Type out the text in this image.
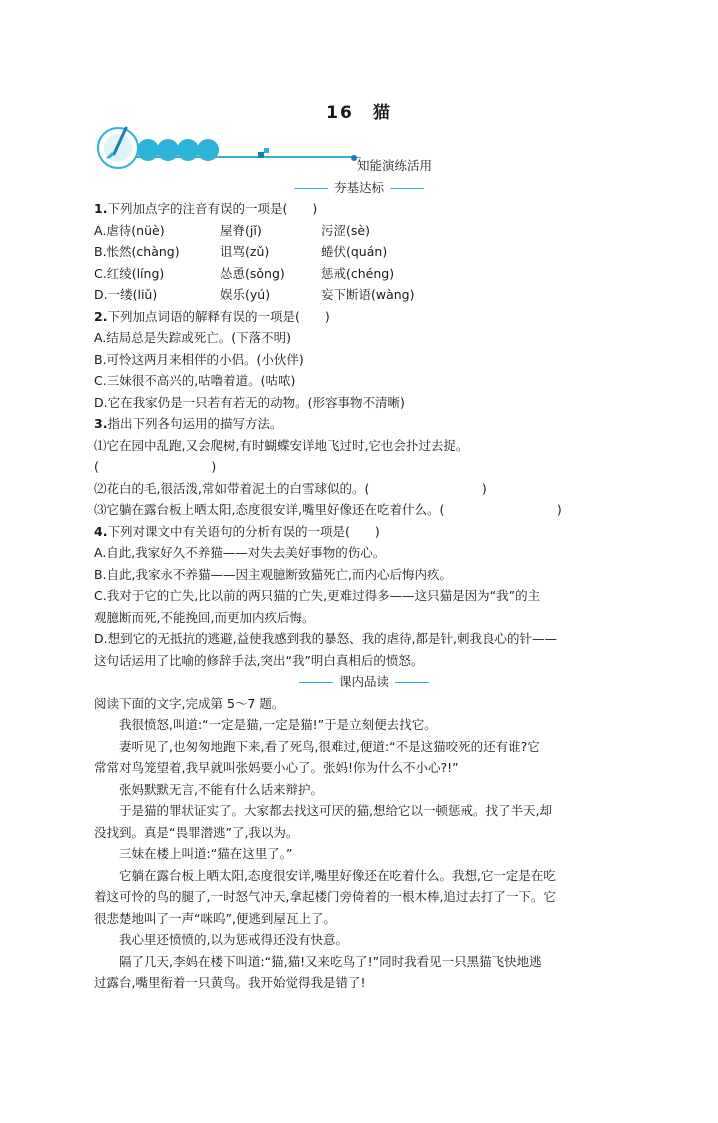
16　猫
知能演练活用
夯基达标
1.下列加点字的注音有误的一项是(　　)
A.虐待(nüè)	屋脊(jǐ)	污涩(sè)
B.怅然(chàng)	诅骂(zǔ)	蜷伏(quán)
C.红绫(líng)	怂恿(sǒng)	惩戒(chéng)
D.一缕(liǔ)	娱乐(yú)	妄下断语(wàng)
2.下列加点词语的解释有误的一项是(　　)
A.结局总是失踪或死亡。(下落不明)
B.可怜这两月来相伴的小侣。(小伙伴)
C.三妹很不高兴的,咕噜着道。(咕哝)
D.它在我家仍是一只若有若无的动物。(形容事物不清晰)
3.指出下列各句运用的描写方法。
⑴它在园中乱跑,又会爬树,有时蝴蝶安详地飞过时,它也会扑过去捉。
(　　　　　　　　　)
⑵花白的毛,很活泼,常如带着泥土的白雪球似的。(　　　　　　　　　)
⑶它躺在露台板上晒太阳,态度很安详,嘴里好像还在吃着什么。(　　　　　　　　　)
4.下列对课文中有关语句的分析有误的一项是(　　)
A.自此,我家好久不养猫——对失去美好事物的伤心。
B.自此,我家永不养猫——因主观臆断致猫死亡,而内心后悔内疚。
C.我对于它的亡失,比以前的两只猫的亡失,更难过得多——这只猫是因为“我”的主
观臆断而死,不能挽回,而更加内疚后悔。
D.想到它的无抵抗的逃避,益使我感到我的暴怒、我的虐待,都是针,刺我良心的针——
这句话运用了比喻的修辞手法,突出“我”明白真相后的愤怒。
课内品读
阅读下面的文字,完成第 5～7 题。
我很愤怒,叫道:“一定是猫,一定是猫!”于是立刻便去找它。
妻听见了,也匆匆地跑下来,看了死鸟,很难过,便道:“不是这猫咬死的还有谁?它
常常对鸟笼望着,我早就叫张妈要小心了。张妈!你为什么不小心?!”
张妈默默无言,不能有什么话来辩护。
于是猫的罪状证实了。大家都去找这可厌的猫,想给它以一顿惩戒。找了半天,却
没找到。真是“畏罪潜逃”了,我以为。
三妹在楼上叫道:“猫在这里了。”
它躺在露台板上晒太阳,态度很安详,嘴里好像还在吃着什么。我想,它一定是在吃
着这可怜的鸟的腿了,一时怒气冲天,拿起楼门旁倚着的一根木棒,追过去打了一下。它
很悲楚地叫了一声“咪呜”,便逃到屋瓦上了。
我心里还愤愤的,以为惩戒得还没有快意。
隔了几天,李妈在楼下叫道:“猫,猫!又来吃鸟了!”同时我看见一只黑猫飞快地逃
过露台,嘴里衔着一只黄鸟。我开始觉得我是错了!
